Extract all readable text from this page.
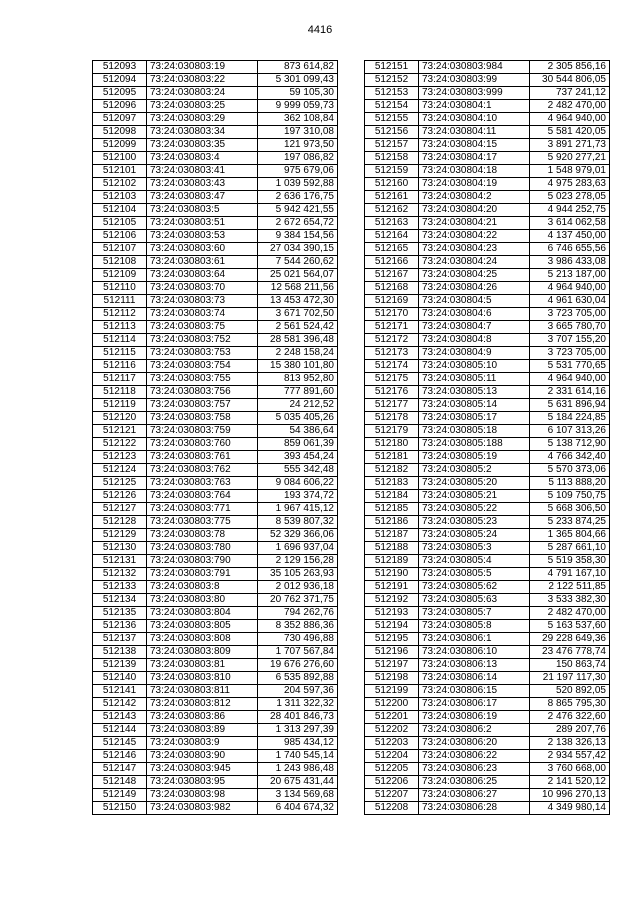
4416
512093	73:24:030803:19	873 614,82
512094	73:24:030803:22	5 301 099,43
512095	73:24:030803:24	59 105,30
512096	73:24:030803:25	9 999 059,73
512097	73:24:030803:29	362 108,84
512098	73:24:030803:34	197 310,08
512099	73:24:030803:35	121 973,50
512100	73:24:030803:4	197 086,82
512101	73:24:030803:41	975 679,06
512102	73:24:030803:43	1 039 592,88
512103	73:24:030803:47	2 636 176,75
512104	73:24:030803:5	5 942 421,55
512105	73:24:030803:51	2 672 654,72
512106	73:24:030803:53	9 384 154,56
512107	73:24:030803:60	27 034 390,15
512108	73:24:030803:61	7 544 260,62
512109	73:24:030803:64	25 021 564,07
512110	73:24:030803:70	12 568 211,56
512111	73:24:030803:73	13 453 472,30
512112	73:24:030803:74	3 671 702,50
512113	73:24:030803:75	2 561 524,42
512114	73:24:030803:752	28 581 396,48
512115	73:24:030803:753	2 248 158,24
512116	73:24:030803:754	15 380 101,80
512117	73:24:030803:755	813 952,80
512118	73:24:030803:756	777 891,60
512119	73:24:030803:757	24 212,52
512120	73:24:030803:758	5 035 405,26
512121	73:24:030803:759	54 386,64
512122	73:24:030803:760	859 061,39
512123	73:24:030803:761	393 454,24
512124	73:24:030803:762	555 342,48
512125	73:24:030803:763	9 084 606,22
512126	73:24:030803:764	193 374,72
512127	73:24:030803:771	1 967 415,12
512128	73:24:030803:775	8 539 807,32
512129	73:24:030803:78	52 329 366,06
512130	73:24:030803:780	1 696 937,04
512131	73:24:030803:790	2 129 156,28
512132	73:24:030803:791	35 105 263,93
512133	73:24:030803:8	2 012 936,18
512134	73:24:030803:80	20 762 371,75
512135	73:24:030803:804	794 262,76
512136	73:24:030803:805	8 352 886,36
512137	73:24:030803:808	730 496,88
512138	73:24:030803:809	1 707 567,84
512139	73:24:030803:81	19 676 276,60
512140	73:24:030803:810	6 535 892,88
512141	73:24:030803:811	204 597,36
512142	73:24:030803:812	1 311 322,32
512143	73:24:030803:86	28 401 846,73
512144	73:24:030803:89	1 313 297,39
512145	73:24:030803:9	985 434,12
512146	73:24:030803:90	1 740 545,14
512147	73:24:030803:945	1 243 986,48
512148	73:24:030803:95	20 675 431,44
512149	73:24:030803:98	3 134 569,68
512150	73:24:030803:982	6 404 674,32
512151	73:24:030803:984	2 305 856,16
512152	73:24:030803:99	30 544 806,05
512153	73:24:030803:999	737 241,12
512154	73:24:030804:1	2 482 470,00
512155	73:24:030804:10	4 964 940,00
512156	73:24:030804:11	5 581 420,05
512157	73:24:030804:15	3 891 271,73
512158	73:24:030804:17	5 920 277,21
512159	73:24:030804:18	1 548 979,01
512160	73:24:030804:19	4 975 283,63
512161	73:24:030804:2	5 023 278,05
512162	73:24:030804:20	4 944 252,75
512163	73:24:030804:21	3 614 062,58
512164	73:24:030804:22	4 137 450,00
512165	73:24:030804:23	6 746 655,56
512166	73:24:030804:24	3 986 433,08
512167	73:24:030804:25	5 213 187,00
512168	73:24:030804:26	4 964 940,00
512169	73:24:030804:5	4 961 630,04
512170	73:24:030804:6	3 723 705,00
512171	73:24:030804:7	3 665 780,70
512172	73:24:030804:8	3 707 155,20
512173	73:24:030804:9	3 723 705,00
512174	73:24:030805:10	5 531 770,65
512175	73:24:030805:11	4 964 940,00
512176	73:24:030805:13	2 331 614,16
512177	73:24:030805:14	5 631 896,94
512178	73:24:030805:17	5 184 224,85
512179	73:24:030805:18	6 107 313,26
512180	73:24:030805:188	5 138 712,90
512181	73:24:030805:19	4 766 342,40
512182	73:24:030805:2	5 570 373,06
512183	73:24:030805:20	5 113 888,20
512184	73:24:030805:21	5 109 750,75
512185	73:24:030805:22	5 668 306,50
512186	73:24:030805:23	5 233 874,25
512187	73:24:030805:24	1 365 804,66
512188	73:24:030805:3	5 287 661,10
512189	73:24:030805:4	5 519 358,30
512190	73:24:030805:5	4 791 167,10
512191	73:24:030805:62	2 122 511,85
512192	73:24:030805:63	3 533 382,30
512193	73:24:030805:7	2 482 470,00
512194	73:24:030805:8	5 163 537,60
512195	73:24:030806:1	29 228 649,36
512196	73:24:030806:10	23 476 778,74
512197	73:24:030806:13	150 863,74
512198	73:24:030806:14	21 197 117,30
512199	73:24:030806:15	520 892,05
512200	73:24:030806:17	8 865 795,30
512201	73:24:030806:19	2 476 322,60
512202	73:24:030806:2	289 207,76
512203	73:24:030806:20	2 138 326,13
512204	73:24:030806:22	2 934 557,42
512205	73:24:030806:23	3 760 668,00
512206	73:24:030806:25	2 141 520,12
512207	73:24:030806:27	10 996 270,13
512208	73:24:030806:28	4 349 980,14
